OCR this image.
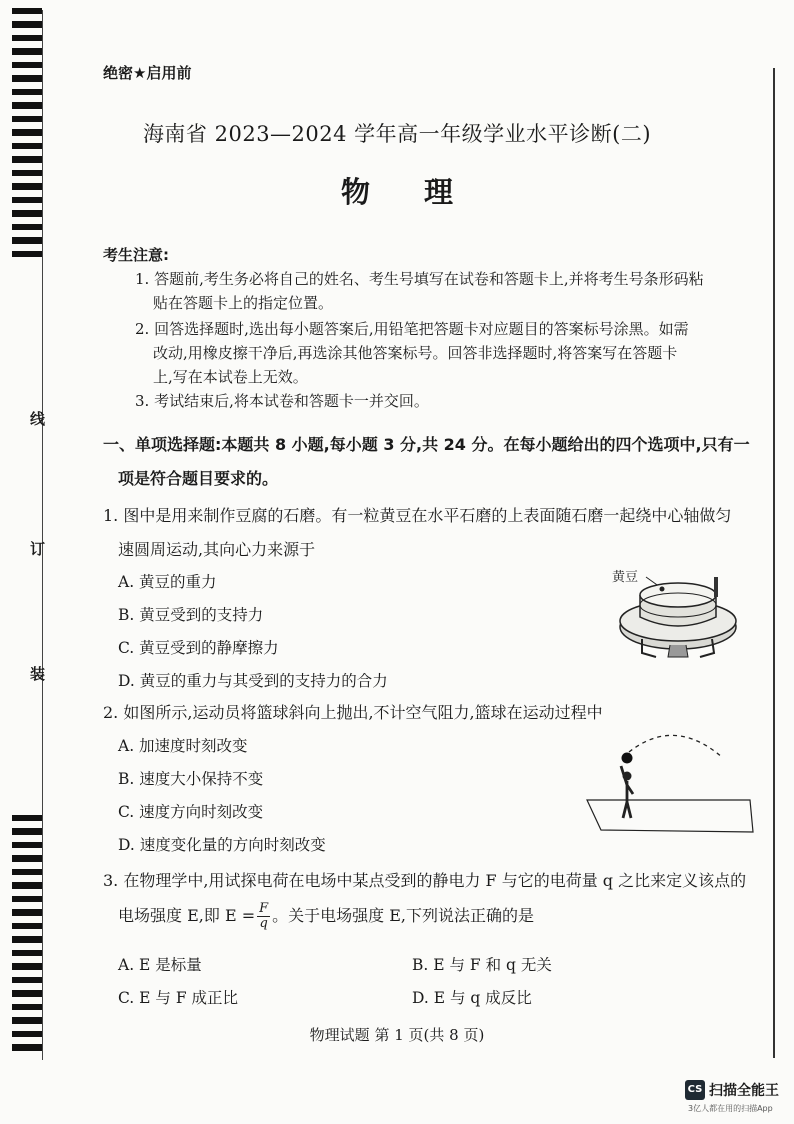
线
订
装
绝密★启用前
海南省 2023—2024 学年高一年级学业水平诊断(二)
物 理
考生注意:
1. 答题前,考生务必将自己的姓名、考生号填写在试卷和答题卡上,并将考生号条形码粘
贴在答题卡上的指定位置。
2. 回答选择题时,选出每小题答案后,用铅笔把答题卡对应题目的答案标号涂黑。如需
改动,用橡皮擦干净后,再选涂其他答案标号。回答非选择题时,将答案写在答题卡
上,写在本试卷上无效。
3. 考试结束后,将本试卷和答题卡一并交回。
一、单项选择题:本题共 8 小题,每小题 3 分,共 24 分。在每小题给出的四个选项中,只有一
项是符合题目要求的。
1. 图中是用来制作豆腐的石磨。有一粒黄豆在水平石磨的上表面随石磨一起绕中心轴做匀
速圆周运动,其向心力来源于
A. 黄豆的重力
B. 黄豆受到的支持力
C. 黄豆受到的静摩擦力
D. 黄豆的重力与其受到的支持力的合力
黄豆
2. 如图所示,运动员将篮球斜向上抛出,不计空气阻力,篮球在运动过程中
A. 加速度时刻改变
B. 速度大小保持不变
C. 速度方向时刻改变
D. 速度变化量的方向时刻改变
3. 在物理学中,用试探电荷在电场中某点受到的静电力 F 与它的电荷量 q 之比来定义该点的
电场强度 E,即 $E = \frac{F}{q}$ 。关于电场强度 E,下列说法正确的是
A. E 是标量	B. E 与 F 和 q 无关
C. E 与 F 成正比	D. E 与 q 成反比
物理试题 第 1 页(共 8 页)
CS 扫描全能王
3亿人都在用的扫描App
